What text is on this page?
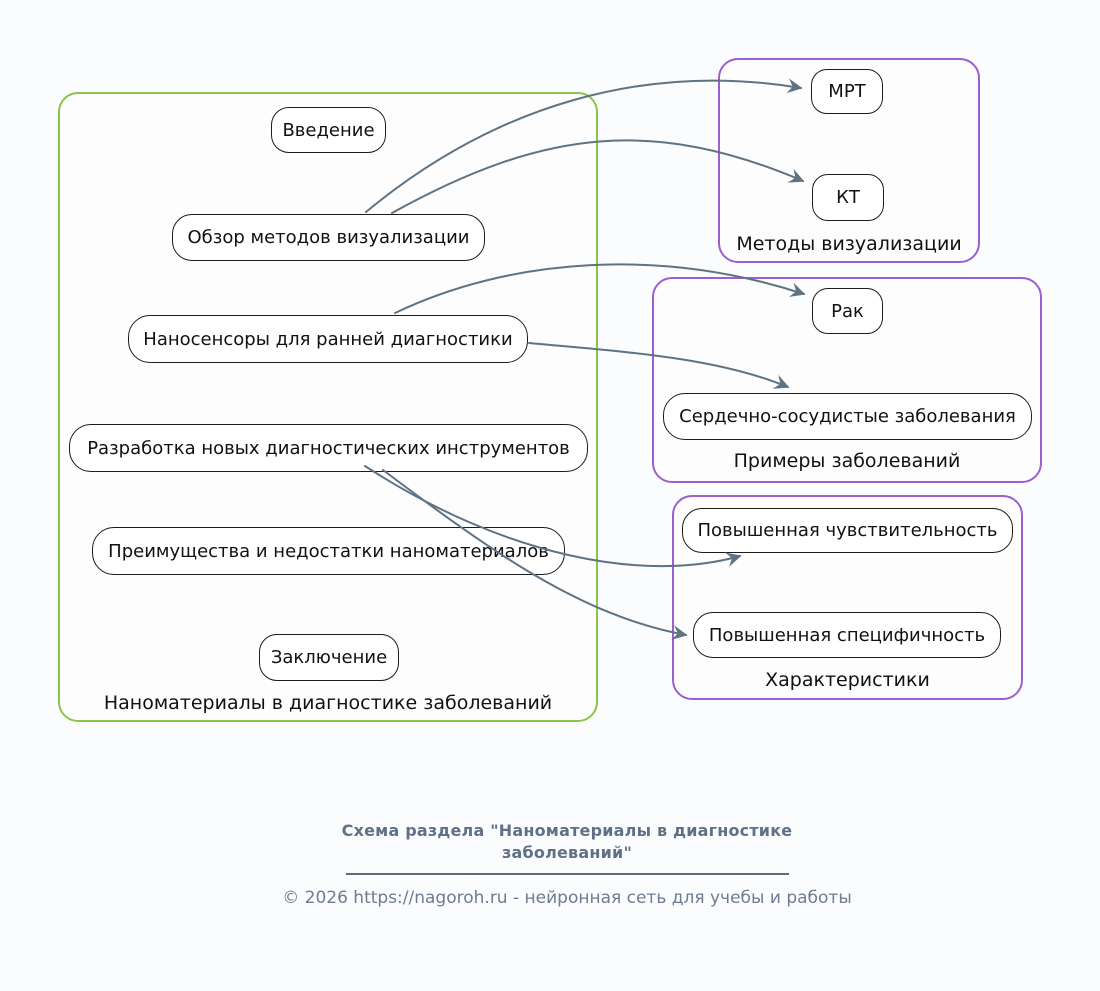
Наноматериалы в диагностике заболеваний
Методы визуализации
Примеры заболеваний
Характеристики
Введение
Обзор методов визуализации
Наносенсоры для ранней диагностики
Разработка новых диагностических инструментов
Преимущества и недостатки наноматериалов
Заключение
МРТ
КТ
Рак
Сердечно-сосудистые заболевания
Повышенная чувствительность
Повышенная специфичность
Схема раздела "Наноматериалы в диагностике
заболеваний"
© 2026 https://nagoroh.ru - нейронная сеть для учебы и работы
